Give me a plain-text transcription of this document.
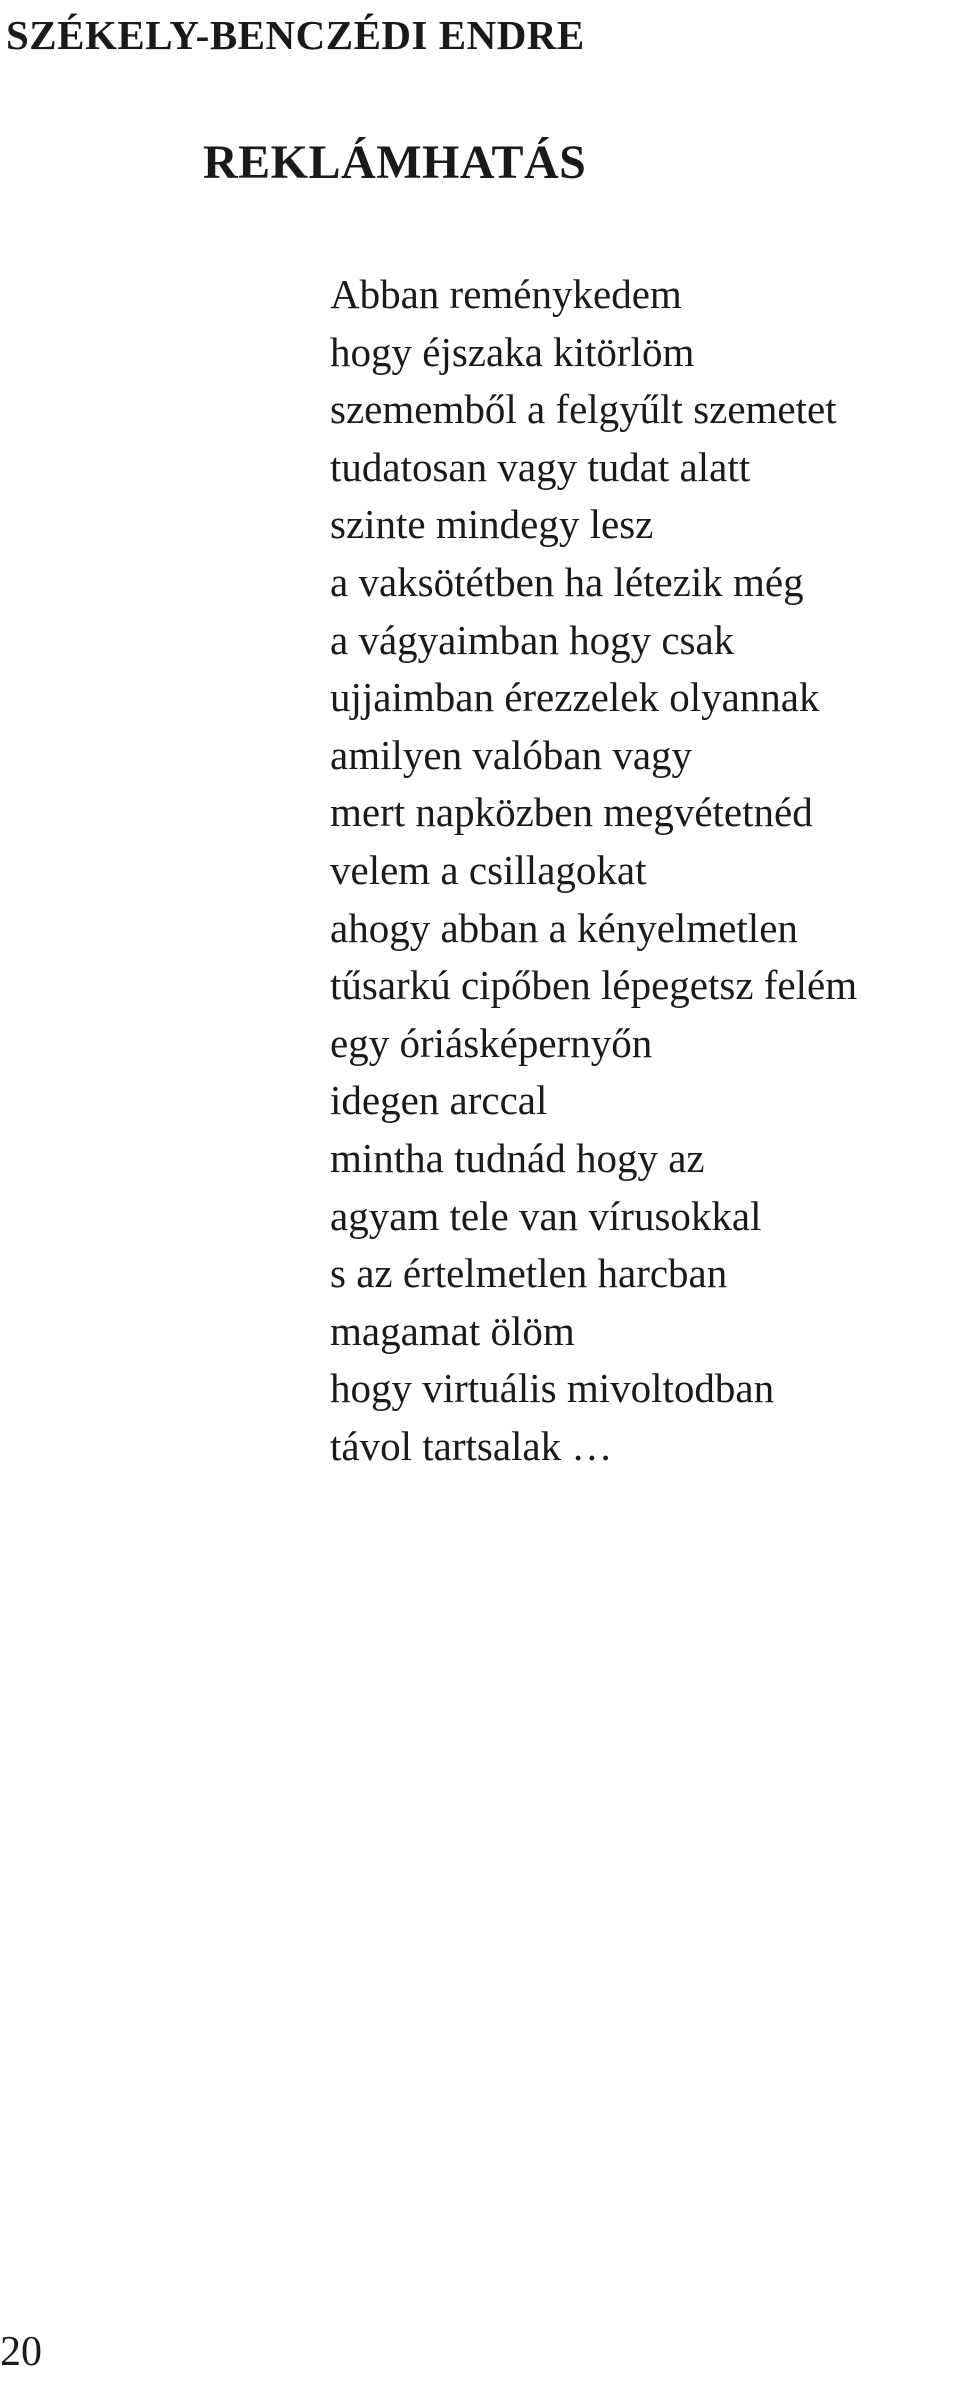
SZÉKELY-BENCZÉDI ENDRE
REKLÁMHATÁS
Abban reménykedem
hogy éjszaka kitörlöm
szememből a felgyűlt szemetet
tudatosan vagy tudat alatt
szinte mindegy lesz
a vaksötétben ha létezik még
a vágyaimban hogy csak
ujjaimban érezzelek olyannak
amilyen valóban vagy
mert napközben megvétetnéd
velem a csillagokat
ahogy abban a kényelmetlen
tűsarkú cipőben lépegetsz felém
egy óriásképernyőn
idegen arccal
mintha tudnád hogy az
agyam tele van vírusokkal
s az értelmetlen harcban
magamat ölöm
hogy virtuális mivoltodban
távol tartsalak …
20
